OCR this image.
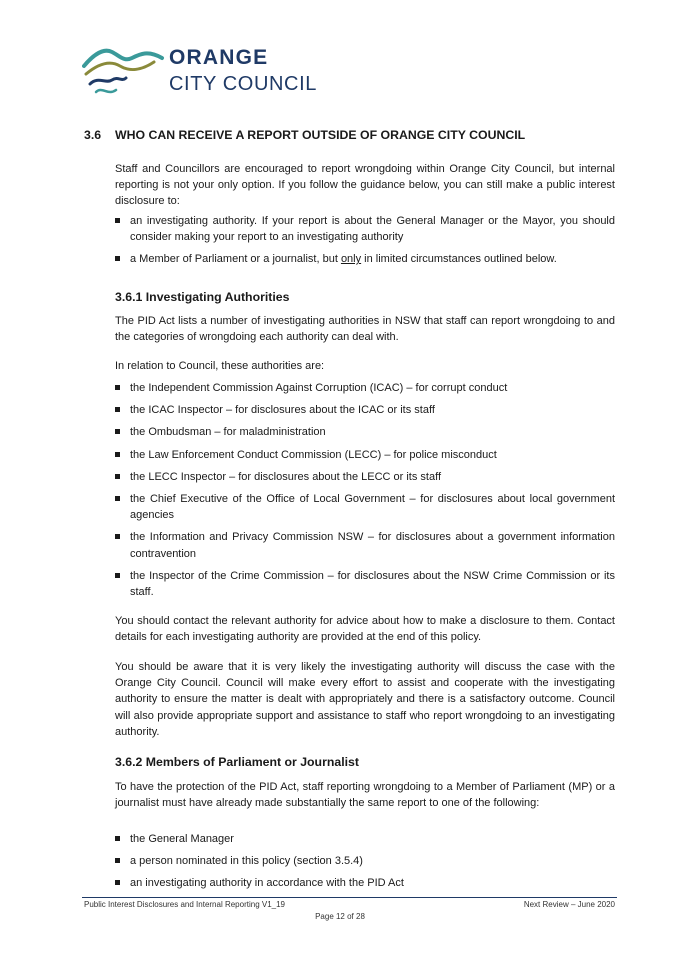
ORANGE
CITY COUNCIL
3.6 WHO CAN RECEIVE A REPORT OUTSIDE OF ORANGE CITY COUNCIL

Staff and Councillors are encouraged to report wrongdoing within Orange City Council, but internal reporting is not your only option. If you follow the guidance below, you can still make a public interest disclosure to:

an investigating authority. If your report is about the General Manager or the Mayor, you should consider making your report to an investigating authority
a Member of Parliament or a journalist, but only in limited circumstances outlined below.
3.6.1 Investigating Authorities

The PID Act lists a number of investigating authorities in NSW that staff can report wrongdoing to and the categories of wrongdoing each authority can deal with.

In relation to Council, these authorities are:

the Independent Commission Against Corruption (ICAC) – for corrupt conduct
the ICAC Inspector – for disclosures about the ICAC or its staff
the Ombudsman – for maladministration
the Law Enforcement Conduct Commission (LECC) – for police misconduct
the LECC Inspector – for disclosures about the LECC or its staff
the Chief Executive of the Office of Local Government – for disclosures about local government agencies
the Information and Privacy Commission NSW – for disclosures about a government information contravention
the Inspector of the Crime Commission – for disclosures about the NSW Crime Commission or its staff.

You should contact the relevant authority for advice about how to make a disclosure to them. Contact details for each investigating authority are provided at the end of this policy.

You should be aware that it is very likely the investigating authority will discuss the case with the Orange City Council. Council will make every effort to assist and cooperate with the investigating authority to ensure the matter is dealt with appropriately and there is a satisfactory outcome. Council will also provide appropriate support and assistance to staff who report wrongdoing to an investigating authority.

3.6.2 Members of Parliament or Journalist

To have the protection of the PID Act, staff reporting wrongdoing to a Member of Parliament (MP) or a journalist must have already made substantially the same report to one of the following:

the General Manager
a person nominated in this policy (section 3.5.4)
an investigating authority in accordance with the PID Act
Public Interest Disclosures and Internal Reporting V1_19	Next Review – June 2020
Page 12 of 28
